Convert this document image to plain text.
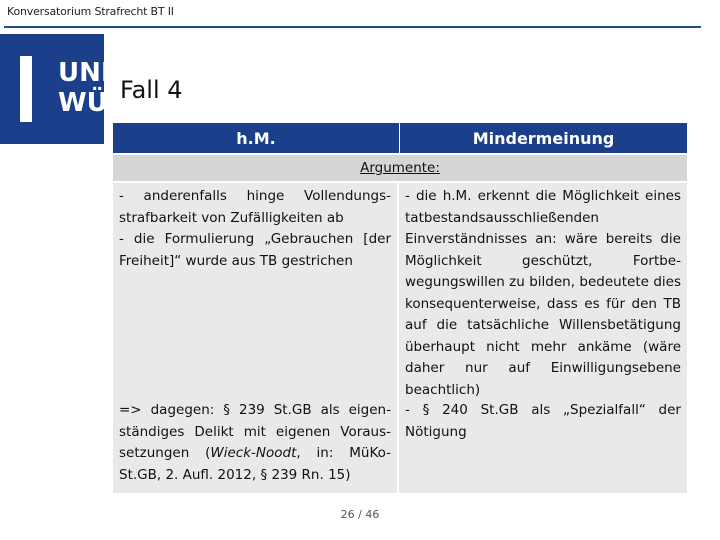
Konversatorium Strafrecht BT II
UNI
WÜ Fall 4
h.M.	Mindermeinung
Argumente:

- anderenfalls hinge Vollendungsstrafbarkeit von Zufälligkeiten ab

- die Formulierung „Gebrauchen [der Freiheit]“ wurde aus TB gestrichen

=> dagegen: § 239 St.GB als eigenständiges Delikt mit eigenen Voraussetzungen (Wieck-Noodt, in: MüKo-St.GB, 2. Aufl. 2012, § 239 Rn. 15)

- die h.M. erkennt die Möglichkeit eines tatbestandsausschließenden Einverständnisses an: wäre bereits die Möglichkeit geschützt, Fortbewegungswillen zu bilden, bedeutete dies konsequenterweise, dass es für den TB auf die tatsächliche Willensbetätigung überhaupt nicht mehr ankäme (wäre daher nur auf Einwilligungsebene beachtlich)

- § 240 St.GB als „Spezialfall“ der Nötigung

26 / 46
